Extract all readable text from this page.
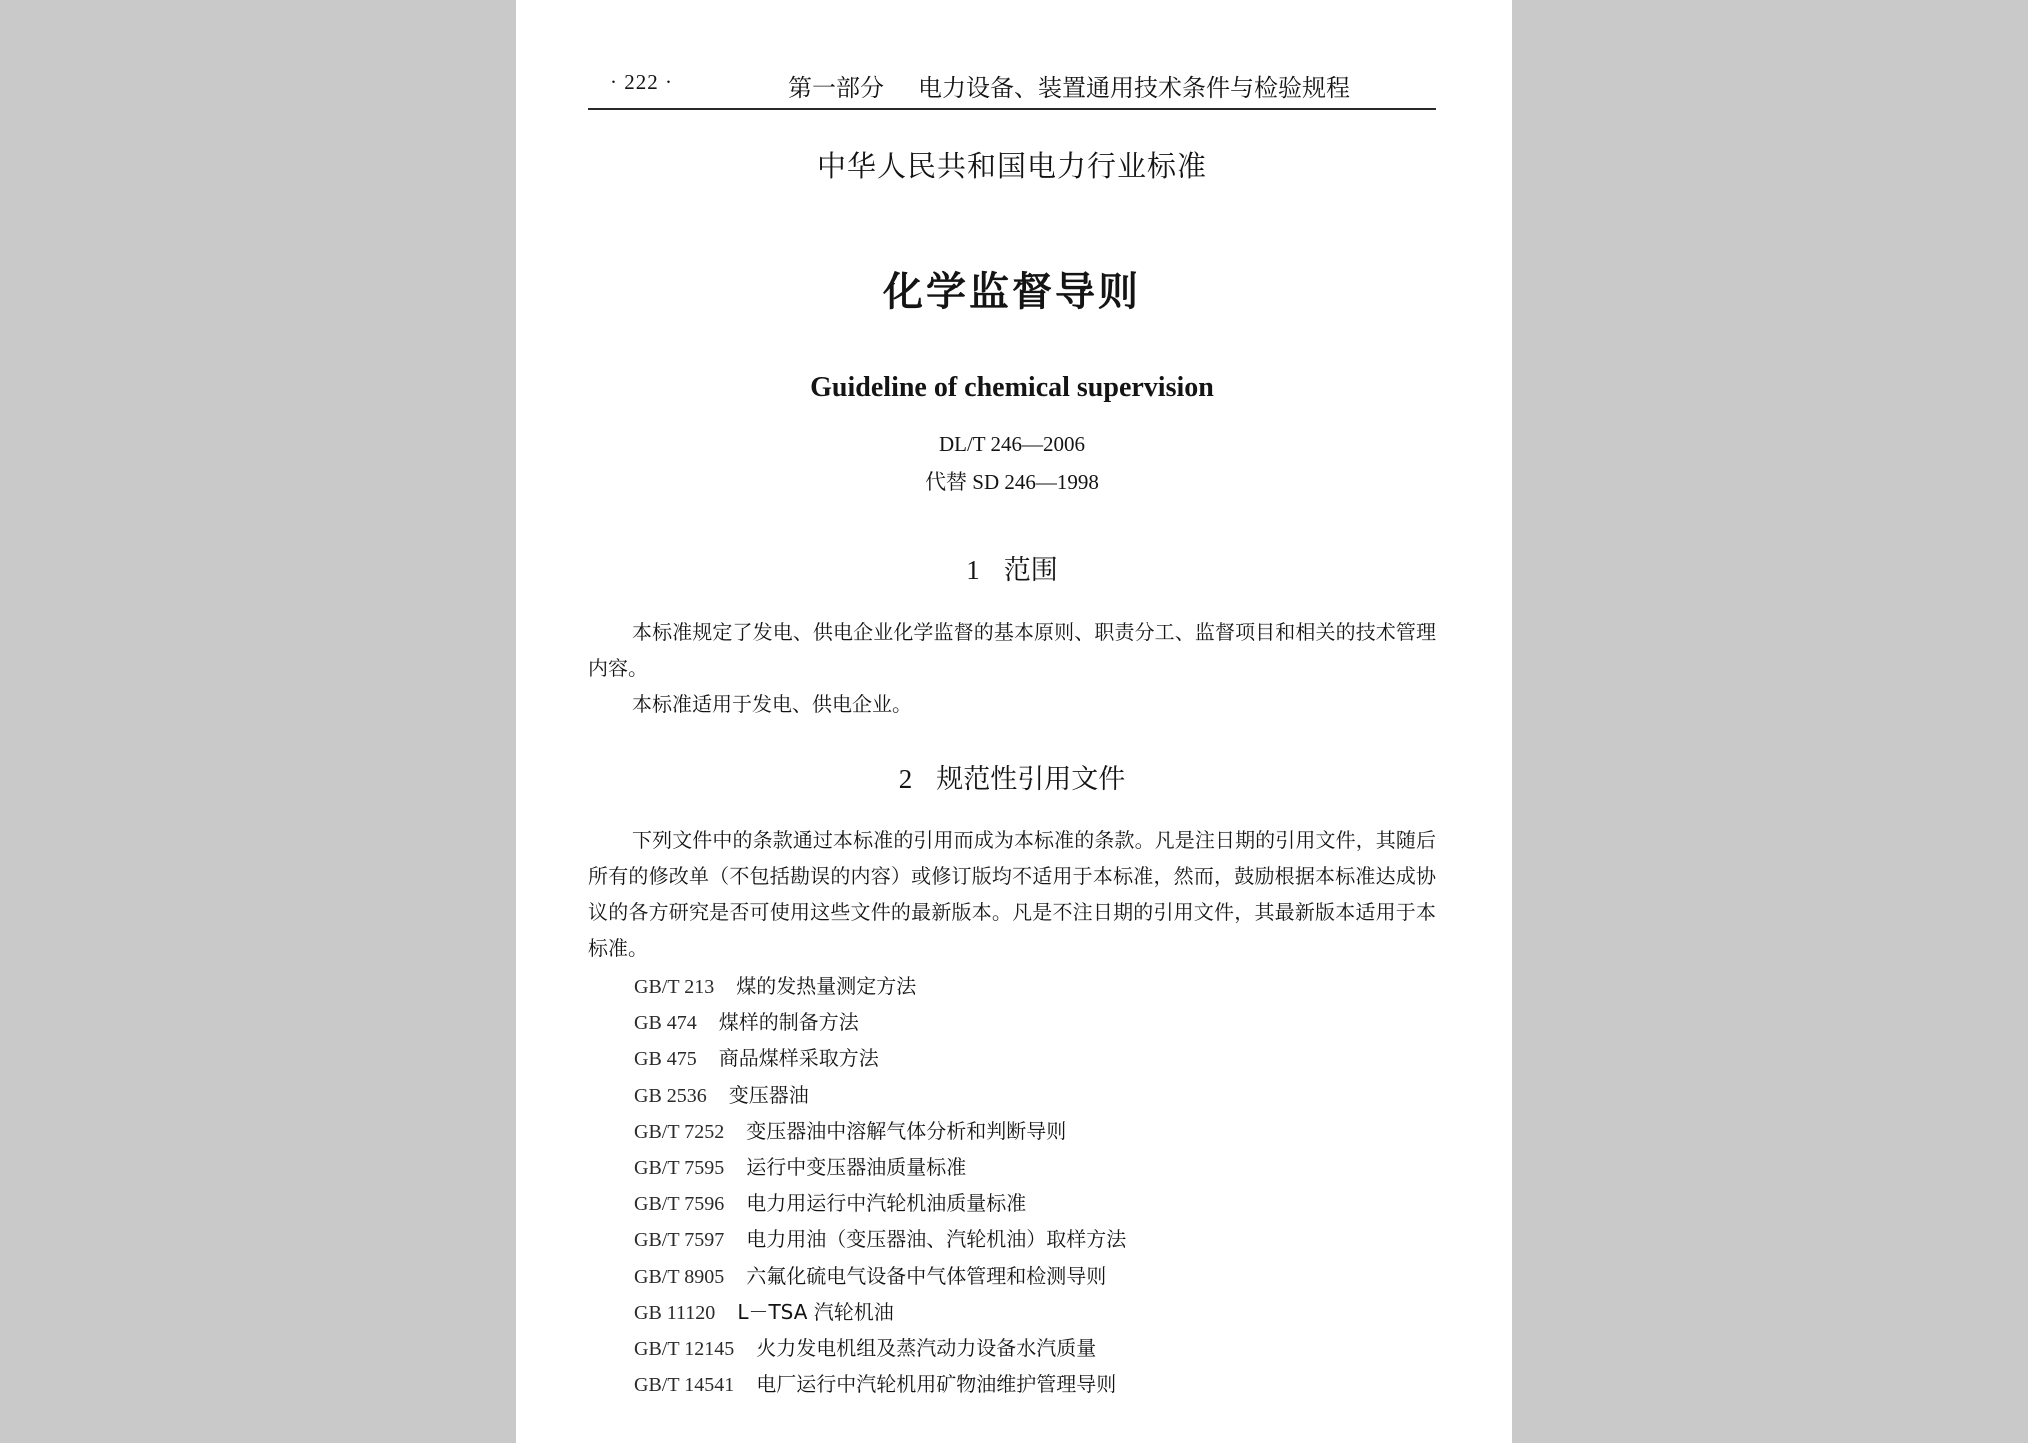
· 222 ·	第一部分 电力设备、装置通用技术条件与检验规程
中华人民共和国电力行业标准
化学监督导则
Guideline of chemical supervision
DL/T 246—2006
代替 SD 246—1998
1 范围

本标准规定了发电、供电企业化学监督的基本原则、职责分工、监督项目和相关的技术管理内容。

本标准适用于发电、供电企业。

2 规范性引用文件

下列文件中的条款通过本标准的引用而成为本标准的条款。凡是注日期的引用文件，其随后所有的修改单（不包括勘误的内容）或修订版均不适用于本标准，然而，鼓励根据本标准达成协议的各方研究是否可使用这些文件的最新版本。凡是不注日期的引用文件，其最新版本适用于本标准。

GB/T 213 煤的发热量测定方法
GB 474 煤样的制备方法
GB 475 商品煤样采取方法
GB 2536 变压器油
GB/T 7252 变压器油中溶解气体分析和判断导则
GB/T 7595 运行中变压器油质量标准
GB/T 7596 电力用运行中汽轮机油质量标准
GB/T 7597 电力用油（变压器油、汽轮机油）取样方法
GB/T 8905 六氟化硫电气设备中气体管理和检测导则
GB 11120 L－TSA 汽轮机油
GB/T 12145 火力发电机组及蒸汽动力设备水汽质量
GB/T 14541 电厂运行中汽轮机用矿物油维护管理导则
